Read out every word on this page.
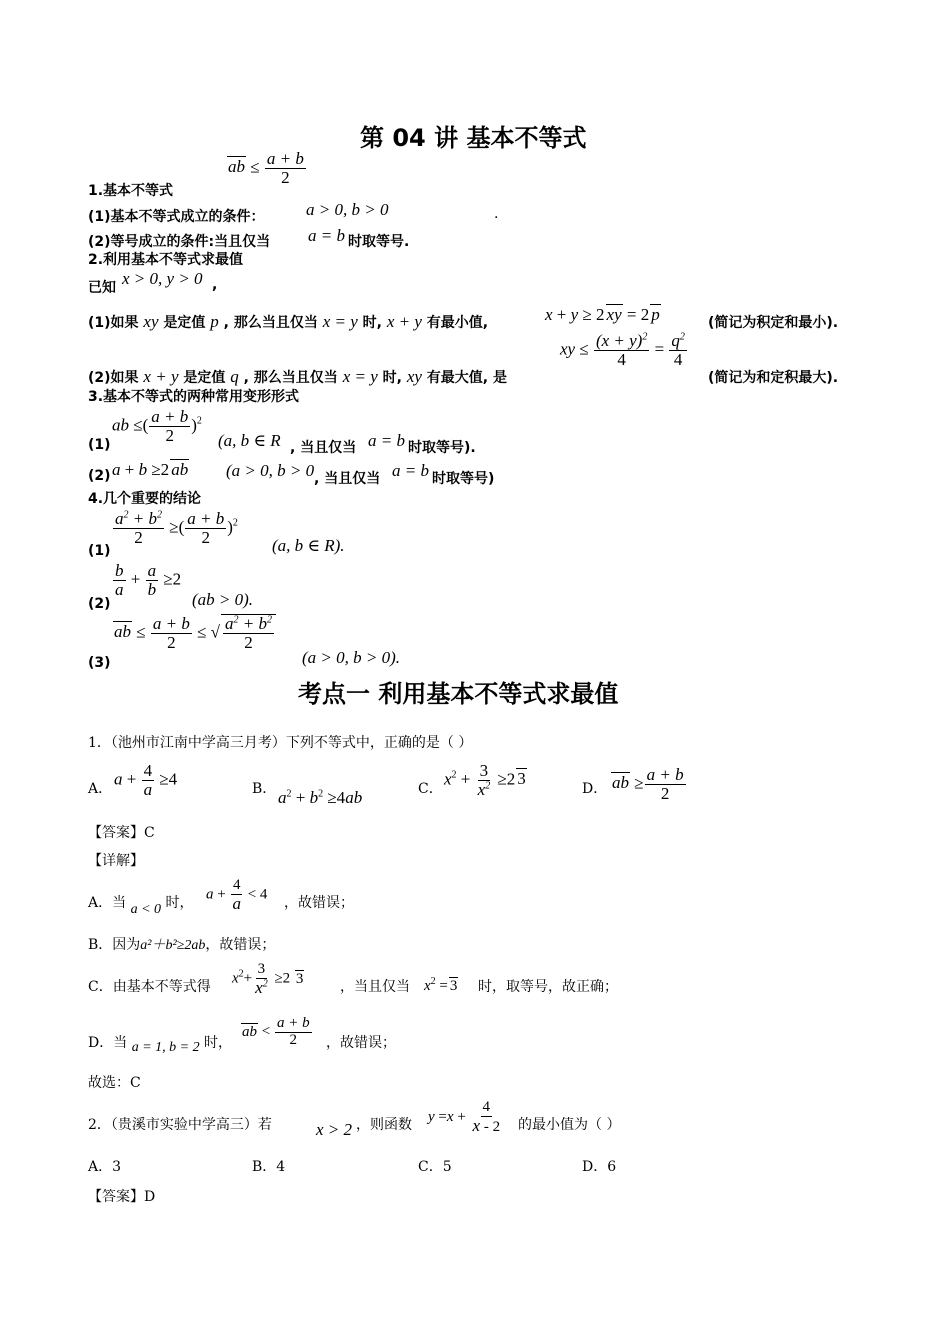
第 04 讲 基本不等式
ab ≤ $\frac{a + b}{2}$
1.基本不等式
(1)基本不等式成立的条件： a > 0, b > 0	.
(2)等号成立的条件:当且仅当 a = b 时取等号.
2.利用基本不等式求最值
已知 x > 0, y > 0 ,
(1)如果 xy 是定值 p , 那么当且仅当 x = y 时, x + y 有最小值,	x + y ≥ 2 xy = 2 p	(简记为积定和最小).
(2)如果 x + y 是定值 q , 那么当且仅当 x = y 时, xy 有最大值, 是
xy ≤ $\frac{(x + y)^2}{4} = \frac{q^2}{4}$
(简记为和定积最大).
3.基本不等式的两种常用变形形式
(1)
ab ≤( $\frac{a + b}{2} )^2$
(a, b ∈ R , 当且仅当 a = b 时取等号).
(2) a + b ≥2 ab (a > 0, b > 0 , 当且仅当 a = b 时取等号)
4.几个重要的结论
(1)
$\frac{a^2 + b^2}{2}$ ≥( $\frac{a + b}{2} )^2$
(a, b ∈ R).
(2)
$\frac{b}{a} + \frac{a}{b} \ge 2$
(ab > 0).
(3)
ab ≤ $\frac{a + b}{2}$ ≤ √ $\frac{a^2 + b^2}{2}$
(a > 0, b > 0).
考点一 利用基本不等式求最值
1．（池州市江南中学高三月考）下列不等式中，正确的是（ ）
A．
$a + \frac{4}{a} \ge 4$
B． $a^2 + b^2 \ge 4ab$	C．
$x^2 + \frac{3}{x^2} \ge 2$ 3
D． ab ≥ $\frac{a + b}{2}$
【答案】C
【详解】
A．当 a < 0 时，
$a + \frac{4}{a} < 4$
，故错误；
B．因为a²＋b²≥2ab，故错误；
C．由基本不等式得
$x^2+ \frac{3}{x^2} \ge 2$ 3
，当且仅当 $x^2 = 3$ 时，取等号，故正确；
D．当 a = 1, b = 2 时，
ab < $\frac{a + b}{2}$ ，故错误；
故选：C
2．（贵溪市实验中学高三）若	x > 2 ，则函数 $y =x + \frac{4}{x - 2}$ 的最小值为（ ）
A．3	B．4	C．5	D．6
【答案】D
